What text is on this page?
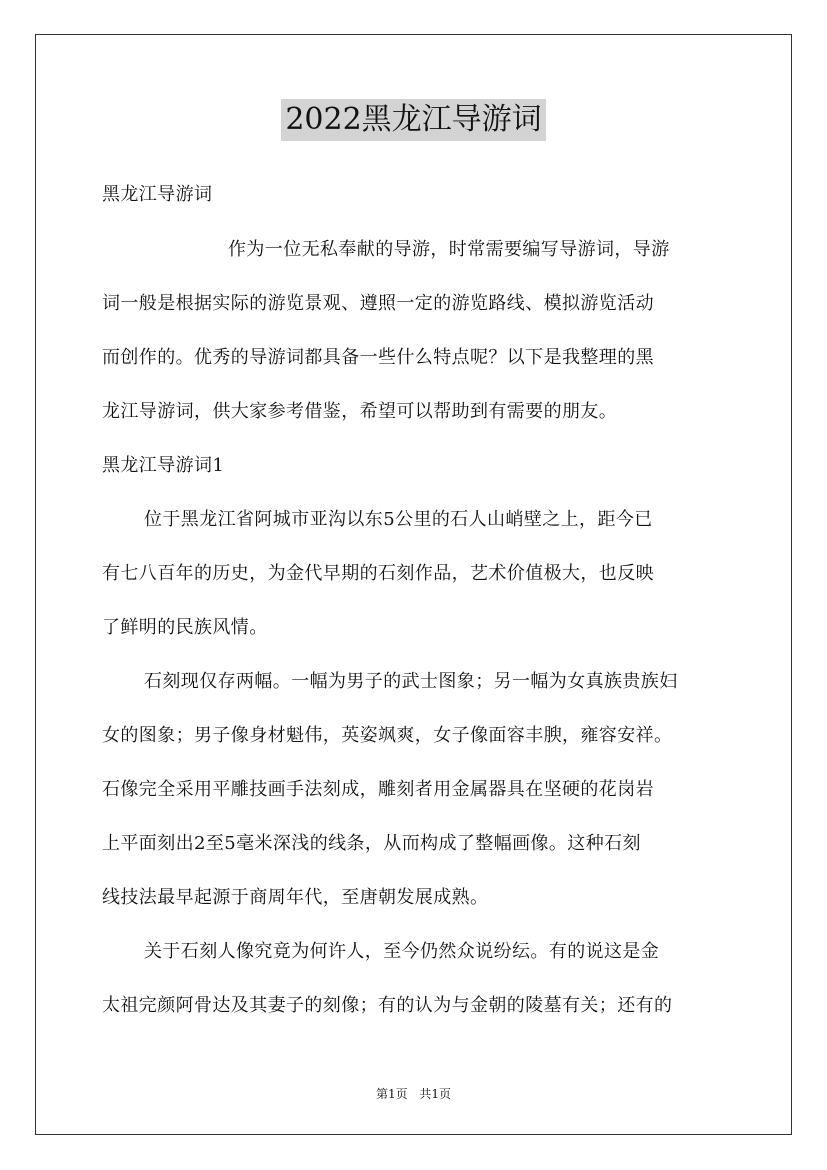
2022黑龙江导游词
黑龙江导游词
作为一位无私奉献的导游，时常需要编写导游词，导游
词一般是根据实际的游览景观、遵照一定的游览路线、模拟游览活动
而创作的。优秀的导游词都具备一些什么特点呢？以下是我整理的黑
龙江导游词，供大家参考借鉴，希望可以帮助到有需要的朋友。
黑龙江导游词1
位于黑龙江省阿城市亚沟以东5公里的石人山峭壁之上，距今已
有七八百年的历史，为金代早期的石刻作品，艺术价值极大，也反映
了鲜明的民族风情。
石刻现仅存两幅。一幅为男子的武士图象；另一幅为女真族贵族妇
女的图象；男子像身材魁伟，英姿飒爽，女子像面容丰腴，雍容安祥。
石像完全采用平雕技画手法刻成，雕刻者用金属器具在坚硬的花岗岩
上平面刻出2至5毫米深浅的线条，从而构成了整幅画像。这种石刻
线技法最早起源于商周年代，至唐朝发展成熟。
关于石刻人像究竟为何许人，至今仍然众说纷纭。有的说这是金
太祖完颜阿骨达及其妻子的刻像；有的认为与金朝的陵墓有关；还有的
第1页 共1页
